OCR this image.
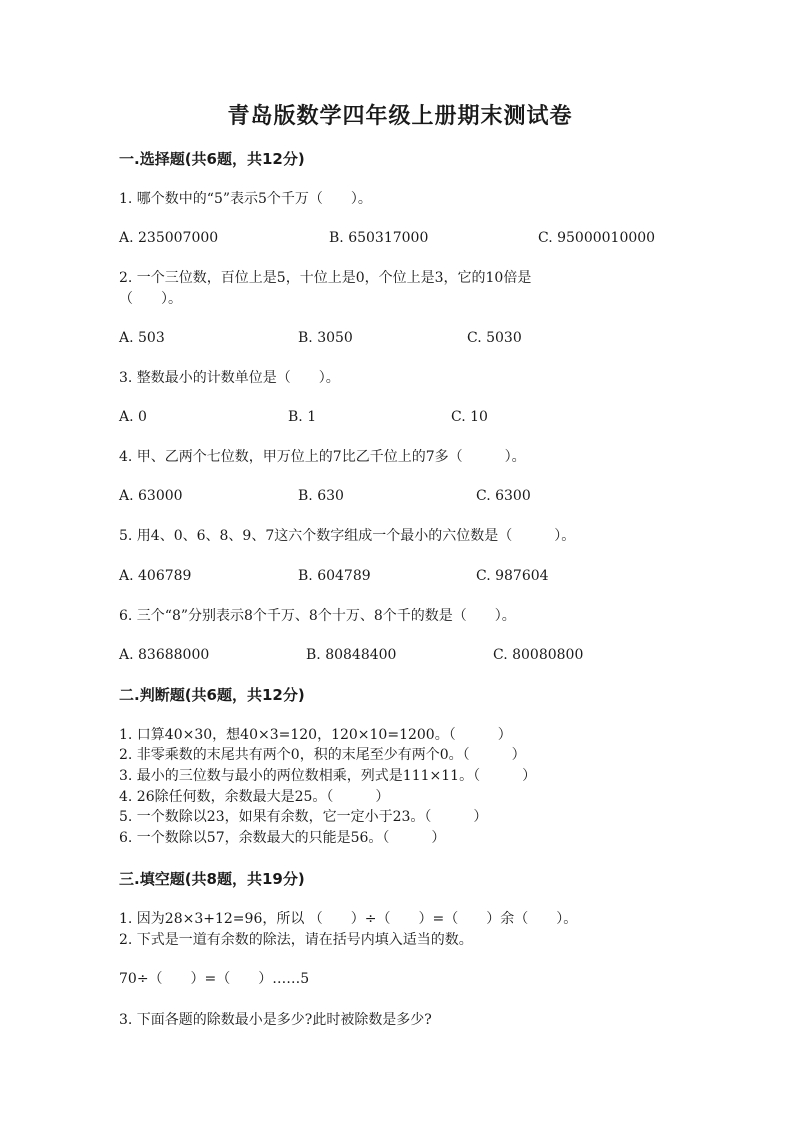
青岛版数学四年级上册期末测试卷
一.选择题(共6题，共12分)
1. 哪个数中的“5”表示5个千万（　　）。
A. 235007000	B. 650317000	C. 95000010000
2. 一个三位数，百位上是5，十位上是0，个位上是3，它的10倍是
（　　）。
A. 503	B. 3050	C. 5030
3. 整数最小的计数单位是（　　）。
A. 0	B. 1	C. 10
4. 甲、乙两个七位数，甲万位上的7比乙千位上的7多（　　　）。
A. 63000	B. 630	C. 6300
5. 用4、0、6、8、9、7这六个数字组成一个最小的六位数是（　　　）。
A. 406789	B. 604789	C. 987604
6. 三个“8”分别表示8个千万、8个十万、8个千的数是（　　）。
A. 83688000	B. 80848400	C. 80080800
二.判断题(共6题，共12分)
1. 口算40×30，想40×3=120，120×10=1200。（　　　）
2. 非零乘数的末尾共有两个0，积的末尾至少有两个0。（　　　）
3. 最小的三位数与最小的两位数相乘，列式是111×11。（　　　）
4. 26除任何数，余数最大是25。（　　　）
5. 一个数除以23，如果有余数，它一定小于23。（　　　）
6. 一个数除以57，余数最大的只能是56。（　　　）
三.填空题(共8题，共19分)
1. 因为28×3+12=96，所以 （　　）÷（　　）=（　　）余（　　）。
2. 下式是一道有余数的除法，请在括号内填入适当的数。
70÷（　　）=（　　）……5
3. 下面各题的除数最小是多少?此时被除数是多少?
